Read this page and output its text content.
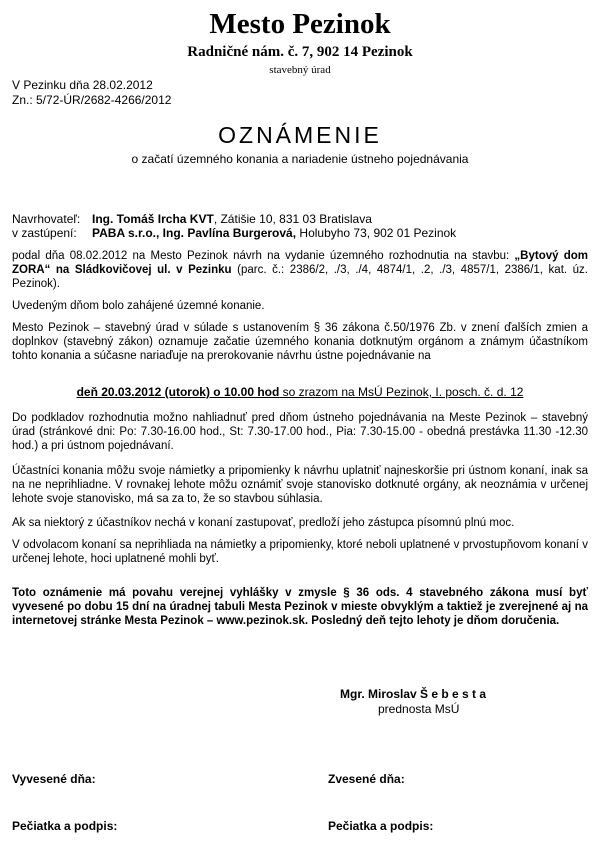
Mesto Pezinok
Radničné nám. č. 7, 902 14 Pezinok
stavebný úrad
V Pezinku dňa 28.02.2012
Zn.: 5/72-ÚR/2682-4266/2012
OZNÁMENIE
o začatí územného konania a nariadenie ústneho pojednávania
Navrhovateľ: Ing. Tomáš Ircha KVT, Zátišie 10, 831 03 Bratislava
v zastúpení: PABA s.r.o., Ing. Pavlína Burgerová, Holubyho 73, 902 01 Pezinok

podal dňa 08.02.2012 na Mesto Pezinok návrh na vydanie územného rozhodnutia na stavbu: „Bytový dom ZORA“ na Sládkovičovej ul. v Pezinku (parc. č.: 2386/2, ./3, ./4, 4874/1, .2, ./3, 4857/1, 2386/1, kat. úz. Pezinok).

Uvedeným dňom bolo zahájené územné konanie.

Mesto Pezinok – stavebný úrad v súlade s ustanovením § 36 zákona č.50/1976 Zb. v znení ďalších zmien a doplnkov (stavebný zákon) oznamuje začatie územného konania dotknutým orgánom a známym účastníkom tohto konania a súčasne nariaďuje na prerokovanie návrhu ústne pojednávanie na

deň 20.03.2012 (utorok) o 10.00 hod so zrazom na MsÚ Pezinok, I. posch. č. d. 12

Do podkladov rozhodnutia možno nahliadnuť pred dňom ústneho pojednávania na Meste Pezinok – stavebný úrad (stránkové dni: Po: 7.30-16.00 hod., St: 7.30-17.00 hod., Pia: 7.30-15.00 - obedná prestávka 11.30 -12.30 hod.) a pri ústnom pojednávaní.

Účastníci konania môžu svoje námietky a pripomienky k návrhu uplatniť najneskoršie pri ústnom konaní, inak sa na ne neprihliadne. V rovnakej lehote môžu oznámiť svoje stanovisko dotknuté orgány, ak neoznámia v určenej lehote svoje stanovisko, má sa za to, že so stavbou súhlasia.

Ak sa niektorý z účastníkov nechá v konaní zastupovať, predloží jeho zástupca písomnú plnú moc.

V odvolacom konaní sa neprihliada na námietky a pripomienky, ktoré neboli uplatnené v prvostupňovom konaní v určenej lehote, hoci uplatnené mohli byť.

Toto oznámenie má povahu verejnej vyhlášky v zmysle § 36 ods. 4 stavebného zákona musí byť vyvesené po dobu 15 dní na úradnej tabuli Mesta Pezinok v mieste obvyklým a taktiež je zverejnené aj na internetovej stránke Mesta Pezinok – www.pezinok.sk. Posledný deň tejto lehoty je dňom doručenia.

Mgr. Miroslav Š e b e s t a
prednosta MsÚ
Vyvesené dňa:	Zvesené dňa:
Pečiatka a podpis:	Pečiatka a podpis:
